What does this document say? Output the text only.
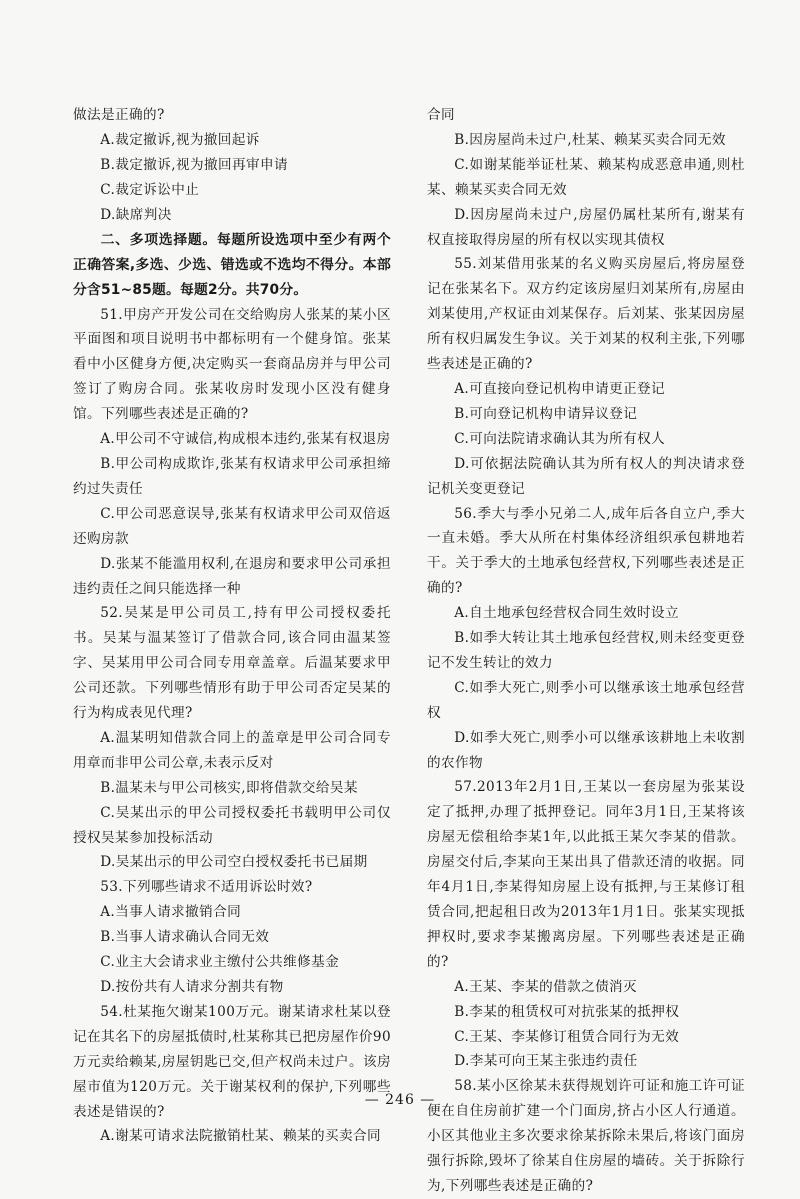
做法是正确的?

A.裁定撤诉,视为撤回起诉

B.裁定撤诉,视为撤回再审申请

C.裁定诉讼中止

D.缺席判决

二、多项选择题。每题所设选项中至少有两个正确答案,多选、少选、错选或不选均不得分。本部分含51~85题。每题2分。共70分。

51.甲房产开发公司在交给购房人张某的某小区平面图和项目说明书中都标明有一个健身馆。张某看中小区健身方便,决定购买一套商品房并与甲公司签订了购房合同。张某收房时发现小区没有健身馆。下列哪些表述是正确的?

A.甲公司不守诚信,构成根本违约,张某有权退房

B.甲公司构成欺诈,张某有权请求甲公司承担缔约过失责任

C.甲公司恶意误导,张某有权请求甲公司双倍返还购房款

D.张某不能滥用权利,在退房和要求甲公司承担违约责任之间只能选择一种

52.吴某是甲公司员工,持有甲公司授权委托书。吴某与温某签订了借款合同,该合同由温某签字、吴某用甲公司合同专用章盖章。后温某要求甲公司还款。下列哪些情形有助于甲公司否定吴某的行为构成表见代理?

A.温某明知借款合同上的盖章是甲公司合同专用章而非甲公司公章,未表示反对

B.温某未与甲公司核实,即将借款交给吴某

C.吴某出示的甲公司授权委托书载明甲公司仅授权吴某参加投标活动

D.吴某出示的甲公司空白授权委托书已届期

53.下列哪些请求不适用诉讼时效?

A.当事人请求撤销合同

B.当事人请求确认合同无效

C.业主大会请求业主缴付公共维修基金

D.按份共有人请求分割共有物

54.杜某拖欠谢某100万元。谢某请求杜某以登记在其名下的房屋抵债时,杜某称其已把房屋作价90万元卖给赖某,房屋钥匙已交,但产权尚未过户。该房屋市值为120万元。关于谢某权利的保护,下列哪些表述是错误的?

A.谢某可请求法院撤销杜某、赖某的买卖合同

合同

B.因房屋尚未过户,杜某、赖某买卖合同无效

C.如谢某能举证杜某、赖某构成恶意串通,则杜某、赖某买卖合同无效

D.因房屋尚未过户,房屋仍属杜某所有,谢某有权直接取得房屋的所有权以实现其债权

55.刘某借用张某的名义购买房屋后,将房屋登记在张某名下。双方约定该房屋归刘某所有,房屋由刘某使用,产权证由刘某保存。后刘某、张某因房屋所有权归属发生争议。关于刘某的权利主张,下列哪些表述是正确的?

A.可直接向登记机构申请更正登记

B.可向登记机构申请异议登记

C.可向法院请求确认其为所有权人

D.可依据法院确认其为所有权人的判决请求登记机关变更登记

56.季大与季小兄弟二人,成年后各自立户,季大一直未婚。季大从所在村集体经济组织承包耕地若干。关于季大的土地承包经营权,下列哪些表述是正确的?

A.自土地承包经营权合同生效时设立

B.如季大转让其土地承包经营权,则未经变更登记不发生转让的效力

C.如季大死亡,则季小可以继承该土地承包经营权

D.如季大死亡,则季小可以继承该耕地上未收割的农作物

57.2013年2月1日,王某以一套房屋为张某设定了抵押,办理了抵押登记。同年3月1日,王某将该房屋无偿租给李某1年,以此抵王某欠李某的借款。房屋交付后,李某向王某出具了借款还清的收据。同年4月1日,李某得知房屋上设有抵押,与王某修订租赁合同,把起租日改为2013年1月1日。张某实现抵押权时,要求李某搬离房屋。下列哪些表述是正确的?

A.王某、李某的借款之债消灭

B.李某的租赁权可对抗张某的抵押权

C.王某、李某修订租赁合同行为无效

D.李某可向王某主张违约责任

58.某小区徐某未获得规划许可证和施工许可证便在自住房前扩建一个门面房,挤占小区人行通道。小区其他业主多次要求徐某拆除未果后,将该门面房强行拆除,毁坏了徐某自住房屋的墙砖。关于拆除行为,下列哪些表述是正确的?

— 246 —
